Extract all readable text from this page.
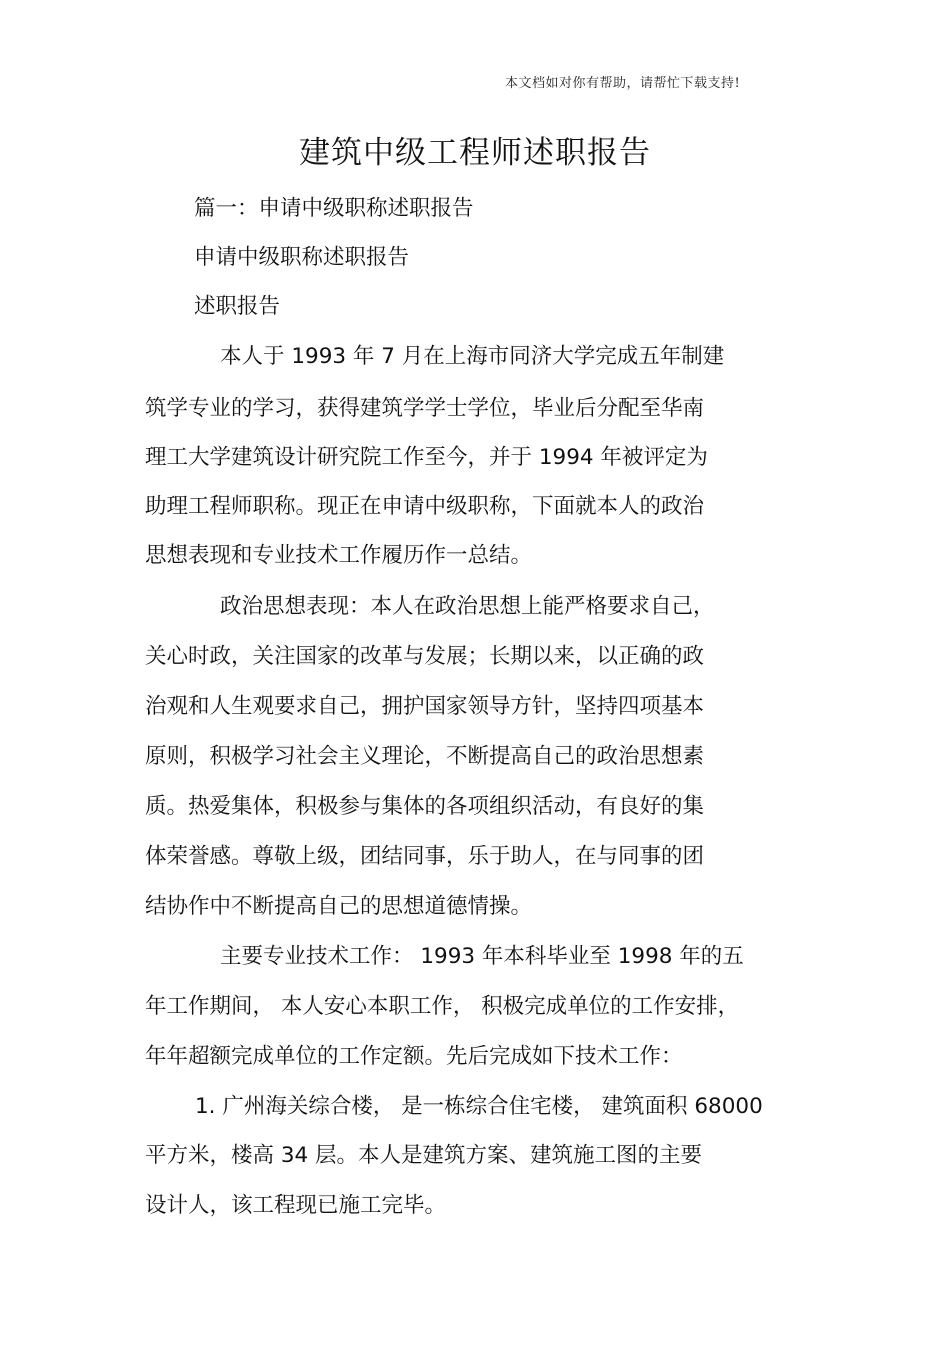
本文档如对你有帮助，请帮忙下载支持!
建筑中级工程师述职报告
篇一：申请中级职称述职报告
申请中级职称述职报告
述职报告
本人于 1993 年 7 月在上海市同济大学完成五年制建
筑学专业的学习，获得建筑学学士学位，毕业后分配至华南
理工大学建筑设计研究院工作至今，并于 1994 年被评定为
助理工程师职称。现正在申请中级职称，下面就本人的政治
思想表现和专业技术工作履历作一总结。
政治思想表现：本人在政治思想上能严格要求自己，
关心时政，关注国家的改革与发展；长期以来，以正确的政
治观和人生观要求自己，拥护国家领导方针，坚持四项基本
原则，积极学习社会主义理论，不断提高自己的政治思想素
质。热爱集体，积极参与集体的各项组织活动，有良好的集
体荣誉感。尊敬上级，团结同事，乐于助人，在与同事的团
结协作中不断提高自己的思想道德情操。
主要专业技术工作： 1993 年本科毕业至 1998 年的五
年工作期间， 本人安心本职工作， 积极完成单位的工作安排，
年年超额完成单位的工作定额。先后完成如下技术工作：
1. 广州海关综合楼， 是一栋综合住宅楼， 建筑面积 68000
平方米，楼高 34 层。本人是建筑方案、建筑施工图的主要
设计人，该工程现已施工完毕。
